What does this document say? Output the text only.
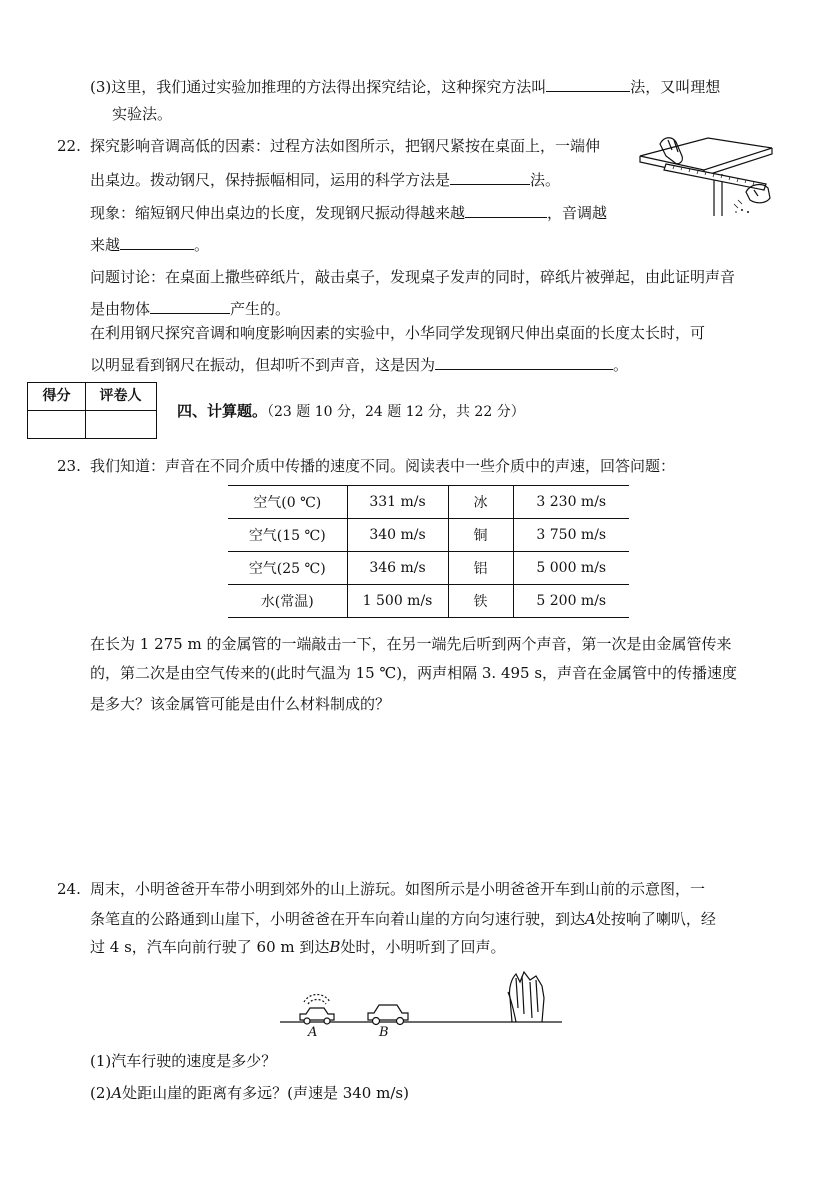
(3)这里，我们通过实验加推理的方法得出探究结论，这种探究方法叫	法，又叫理想
实验法。
22. 探究影响音调高低的因素：过程方法如图所示，把钢尺紧按在桌面上，一端伸
出桌边。拨动钢尺，保持振幅相同，运用的科学方法是	法。
现象：缩短钢尺伸出桌边的长度，发现钢尺振动得越来越	，音调越
来越	。
问题讨论：在桌面上撒些碎纸片，敲击桌子，发现桌子发声的同时，碎纸片被弹起，由此证明声音
是由物体	产生的。
在利用钢尺探究音调和响度影响因素的实验中，小华同学发现钢尺伸出桌面的长度太长时，可
以明显看到钢尺在振动，但却听不到声音，这是因为	。
得分	评卷人
四、计算题。（23 题 10 分，24 题 12 分，共 22 分）
23. 我们知道：声音在不同介质中传播的速度不同。阅读表中一些介质中的声速，回答问题：
空气(0 ℃)	331 m/s	冰	3 230 m/s
空气(15 ℃)	340 m/s	铜	3 750 m/s
空气(25 ℃)	346 m/s	铝	5 000 m/s
水(常温)	1 500 m/s	铁	5 200 m/s
在长为 1 275 m 的金属管的一端敲击一下，在另一端先后听到两个声音，第一次是由金属管传来
的，第二次是由空气传来的(此时气温为 15 ℃)，两声相隔 3. 495 s，声音在金属管中的传播速度
是多大？该金属管可能是由什么材料制成的？
24. 周末，小明爸爸开车带小明到郊外的山上游玩。如图所示是小明爸爸开车到山前的示意图，一
条笔直的公路通到山崖下，小明爸爸在开车向着山崖的方向匀速行驶，到达A处按响了喇叭，经
过 4 s，汽车向前行驶了 60 m 到达B处时，小明听到了回声。
A	B
(1)汽车行驶的速度是多少？
(2)A处距山崖的距离有多远？(声速是 340 m/s)
